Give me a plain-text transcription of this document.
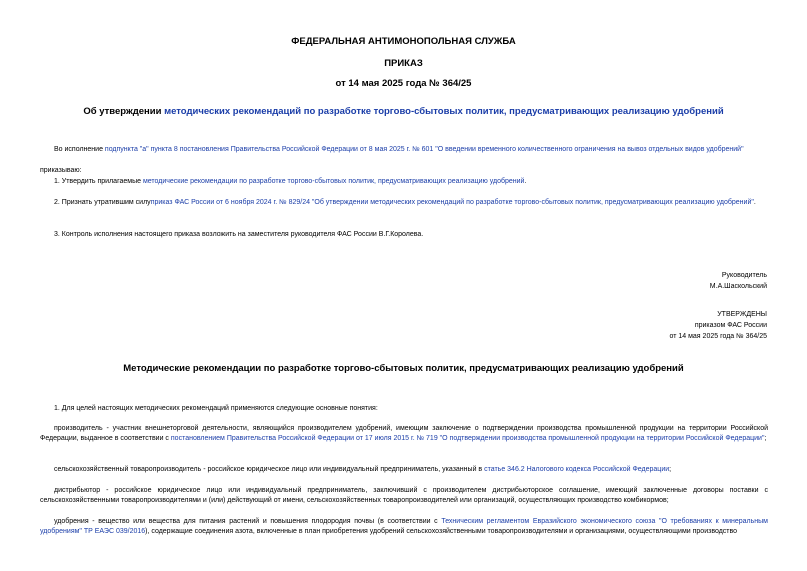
ФЕДЕРАЛЬНАЯ АНТИМОНОПОЛЬНАЯ СЛУЖБА
ПРИКАЗ
от 14 мая 2025 года № 364/25
Об утверждении методических рекомендаций по разработке торгово-сбытовых политик, предусматривающих реализацию удобрений
Во исполнение подпункта "а" пункта 8 постановления Правительства Российской Федерации от 8 мая 2025 г. № 601 "О введении временного количественного ограничения на вывоз отдельных видов удобрений"
приказываю:
1. Утвердить прилагаемые методические рекомендации по разработке торгово-сбытовых политик, предусматривающих реализацию удобрений.
2. Признать утратившим силуприказ ФАС России от 6 ноября 2024 г. № 829/24 "Об утверждении методических рекомендаций по разработке торгово-сбытовых политик, предусматривающих реализацию удобрений".
3. Контроль исполнения настоящего приказа возложить на заместителя руководителя ФАС России В.Г.Королева.
Руководитель
М.А.Шаскольский
УТВЕРЖДЕНЫ
приказом ФАС России
от 14 мая 2025 года № 364/25
Методические рекомендации по разработке торгово-сбытовых политик, предусматривающих реализацию удобрений
1. Для целей настоящих методических рекомендаций применяются следующие основные понятия:
производитель - участник внешнеторговой деятельности, являющийся производителем удобрений, имеющим заключение о подтверждении производства промышленной продукции на территории Российской Федерации, выданное в соответствии с постановлением Правительства Российской Федерации от 17 июля 2015 г. № 719 "О подтверждении производства промышленной продукции на территории Российской Федерации";
сельскохозяйственный товаропроизводитель - российское юридическое лицо или индивидуальный предприниматель, указанный в статье 346.2 Налогового кодекса Российской Федерации;
дистрибьютор - российское юридическое лицо или индивидуальный предприниматель, заключивший с производителем дистрибьюторское соглашение, имеющий заключенные договоры поставки с сельскохозяйственными товаропроизводителями и (или) действующий от имени, сельскохозяйственных товаропроизводителей или организаций, осуществляющих производство комбикормов;
удобрения - вещество или вещества для питания растений и повышения плодородия почвы (в соответствии с Техническим регламентом Евразийского экономического союза "О требованиях к минеральным удобрениям" ТР ЕАЭС 039/2016), содержащие соединения азота, включенные в план приобретения удобрений сельскохозяйственными товаропроизводителями и организациями, осуществляющими производство
